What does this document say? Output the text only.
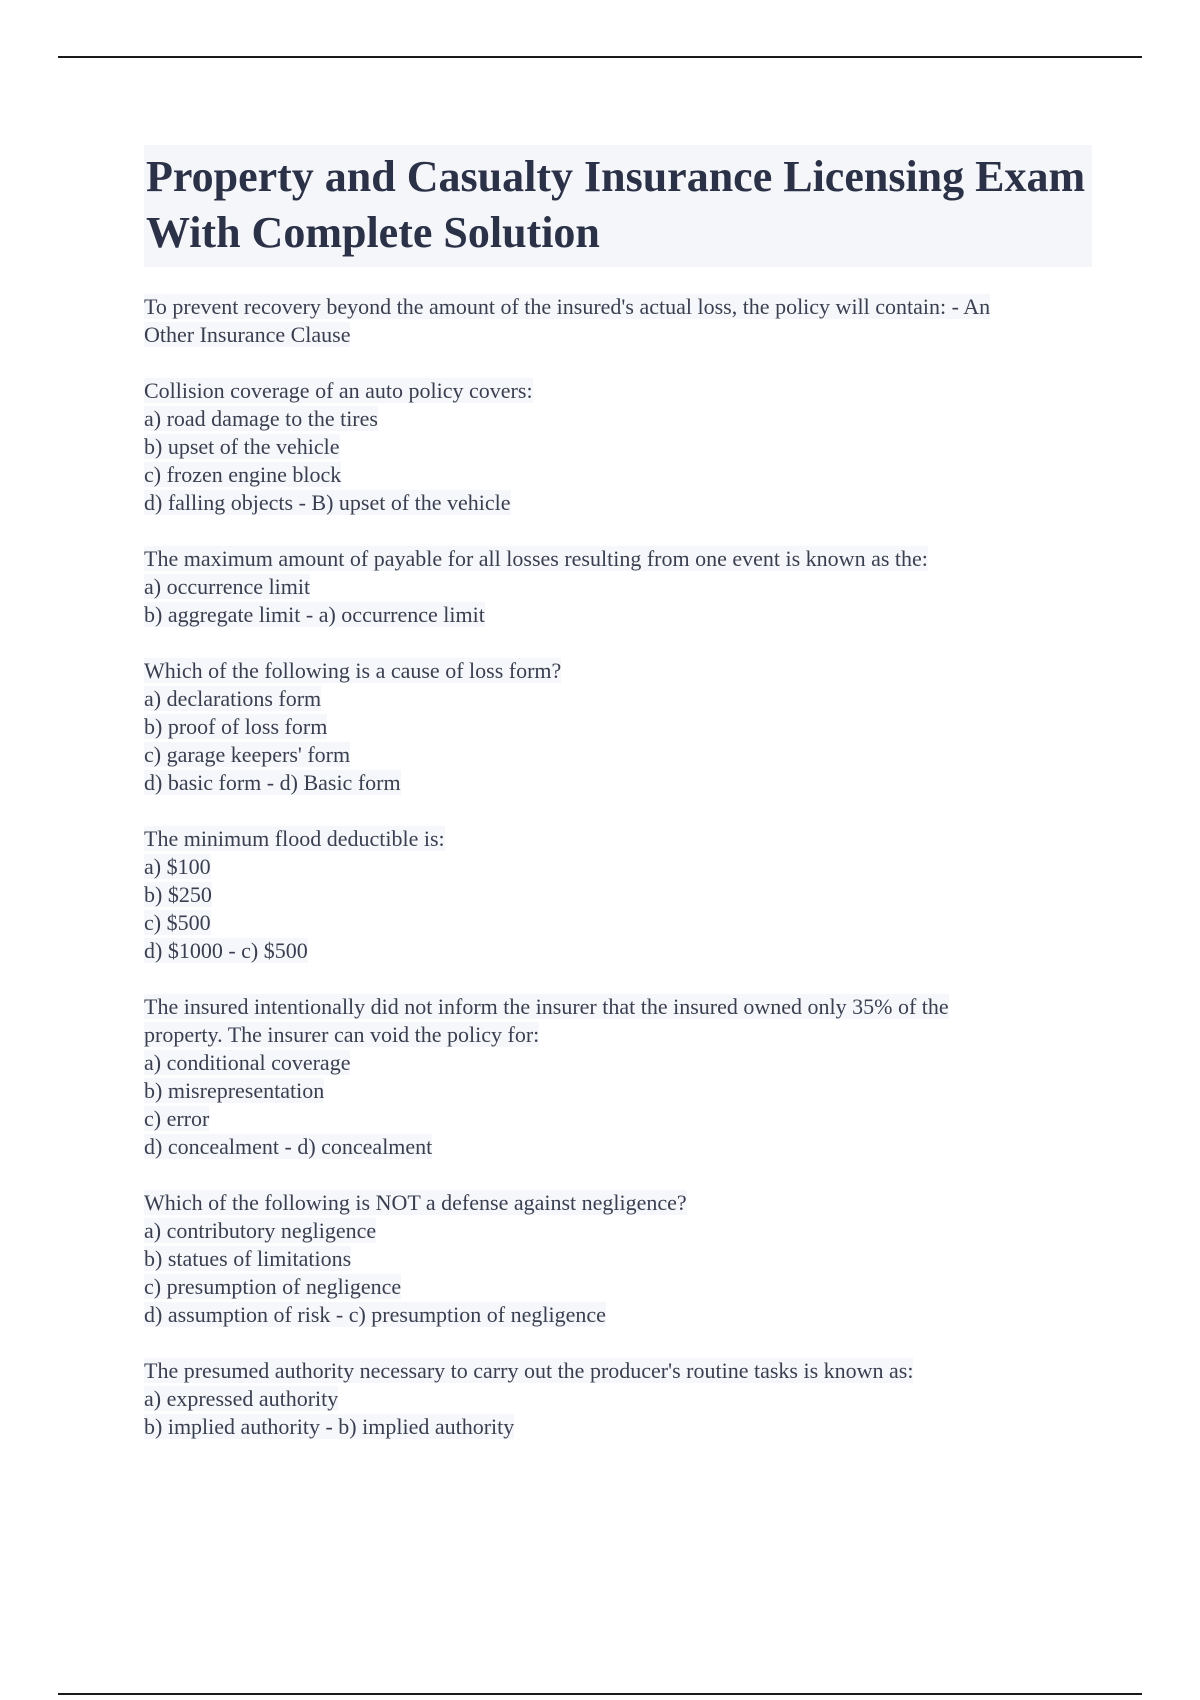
Property and Casualty Insurance Licensing Exam With Complete Solution
To prevent recovery beyond the amount of the insured's actual loss, the policy will contain: - An
Other Insurance Clause
Collision coverage of an auto policy covers:
a) road damage to the tires
b) upset of the vehicle
c) frozen engine block
d) falling objects - B) upset of the vehicle
The maximum amount of payable for all losses resulting from one event is known as the:
a) occurrence limit
b) aggregate limit - a) occurrence limit
Which of the following is a cause of loss form?
a) declarations form
b) proof of loss form
c) garage keepers' form
d) basic form - d) Basic form
The minimum flood deductible is:
a) $100
b) $250
c) $500
d) $1000 - c) $500
The insured intentionally did not inform the insurer that the insured owned only 35% of the
property. The insurer can void the policy for:
a) conditional coverage
b) misrepresentation
c) error
d) concealment - d) concealment
Which of the following is NOT a defense against negligence?
a) contributory negligence
b) statues of limitations
c) presumption of negligence
d) assumption of risk - c) presumption of negligence
The presumed authority necessary to carry out the producer's routine tasks is known as:
a) expressed authority
b) implied authority - b) implied authority
